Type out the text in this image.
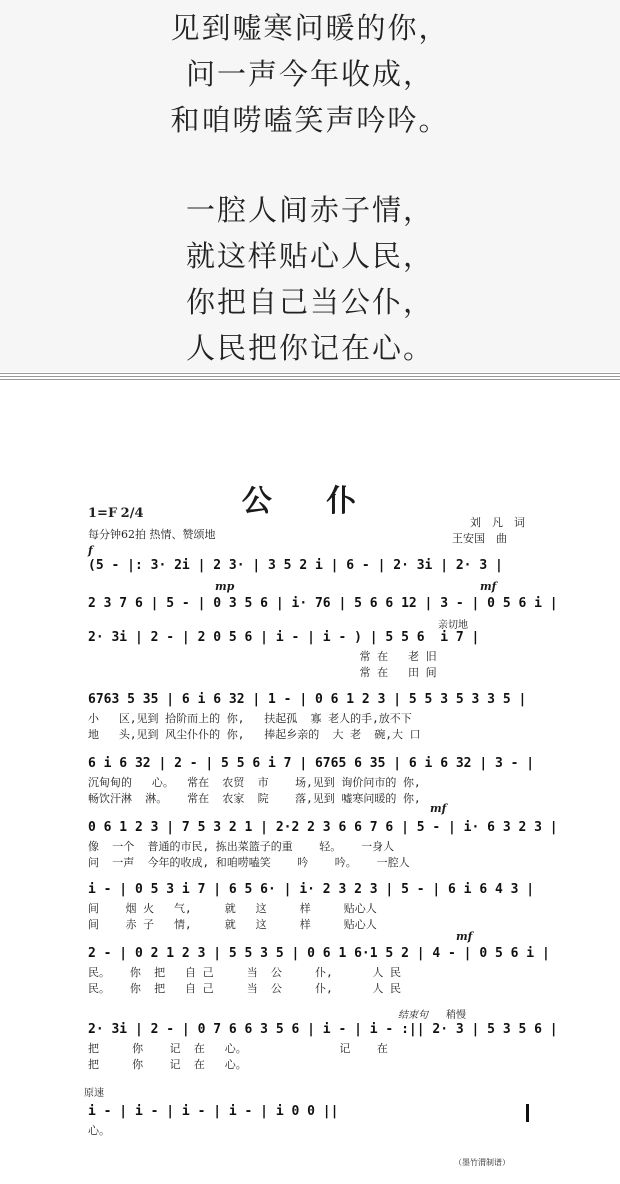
见到嘘寒问暖的你，
问一声今年收成，
和咱唠嗑笑声吟吟。
一腔人间赤子情，
就这样贴心人民，
你把自己当公仆，
人民把你记在心。
公 仆
1=F 2/4
每分钟62拍 热情、赞颂地
刘　凡　词
王安国　曲
f
(5 - |: 3· 2i | 2 3· | 3 5 2 i | 6 - | 2· 3i | 2· 3 |
mp	mf
2 3 7 6 | 5 - | 0 3 5 6 | i· 76 | 5 6 6 12 | 3 - | 0 5 6 i |
亲切地
2· 3i | 2 - | 2 0 5 6 | i - | i - ) | 5 5 6  i 7 |
常 在   老 旧
常 在   田 间
6763 5 35 | 6 i 6 32 | 1 - | 0 6 1 2 3 | 5 5 3 5 3 3 5 |
小   区,见到 拾阶而上的 你,   扶起孤  寡 老人的手,放不下
地   头,见到 风尘仆仆的 你,   捧起乡亲的  大 老  碗,大 口
6 i 6 32 | 2 - | 5 5 6 i 7 | 6765 6 35 | 6 i 6 32 | 3 - |
沉甸甸的   心。  常在  农贸  市    场,见到 询价问市的 你,
畅饮汗淋  淋。   常在  农家  院    落,见到 嘘寒问暖的 你,
mf
0 6 1 2 3 | 7 5 3 2 1 | 2·2 2 3 6 6 7 6 | 5 - | i· 6 3 2 3 |
像  一个  普通的市民, 拣出菜篮子的重    轻。   一身人
问  一声  今年的收成, 和咱唠嗑笑    吟    吟。   一腔人
i - | 0 5 3 i 7 | 6 5 6· | i· 2 3 2 3 | 5 - | 6 i 6 4 3 |
间    烟 火   气,     就   这     样     贴心人
间    赤 子   情,     就   这     样     贴心人
mf
2 - | 0 2 1 2 3 | 5 5 3 5 | 0 6 1 6·1 5 2 | 4 - | 0 5 6 i |
民。   你  把   自 己     当  公     仆,      人 民
民。   你  把   自 己     当  公     仆,      人 民
结束句 稍慢
2· 3i | 2 - | 0 7 6 6 3 5 6 | i - | i - :|| 2· 3 | 5 3 5 6 |
把     你    记  在   心。              记    在
把     你    记  在   心。
原速
i - | i - | i - | i - | i 0 0 ||
心。
（墨竹渭制谱）
